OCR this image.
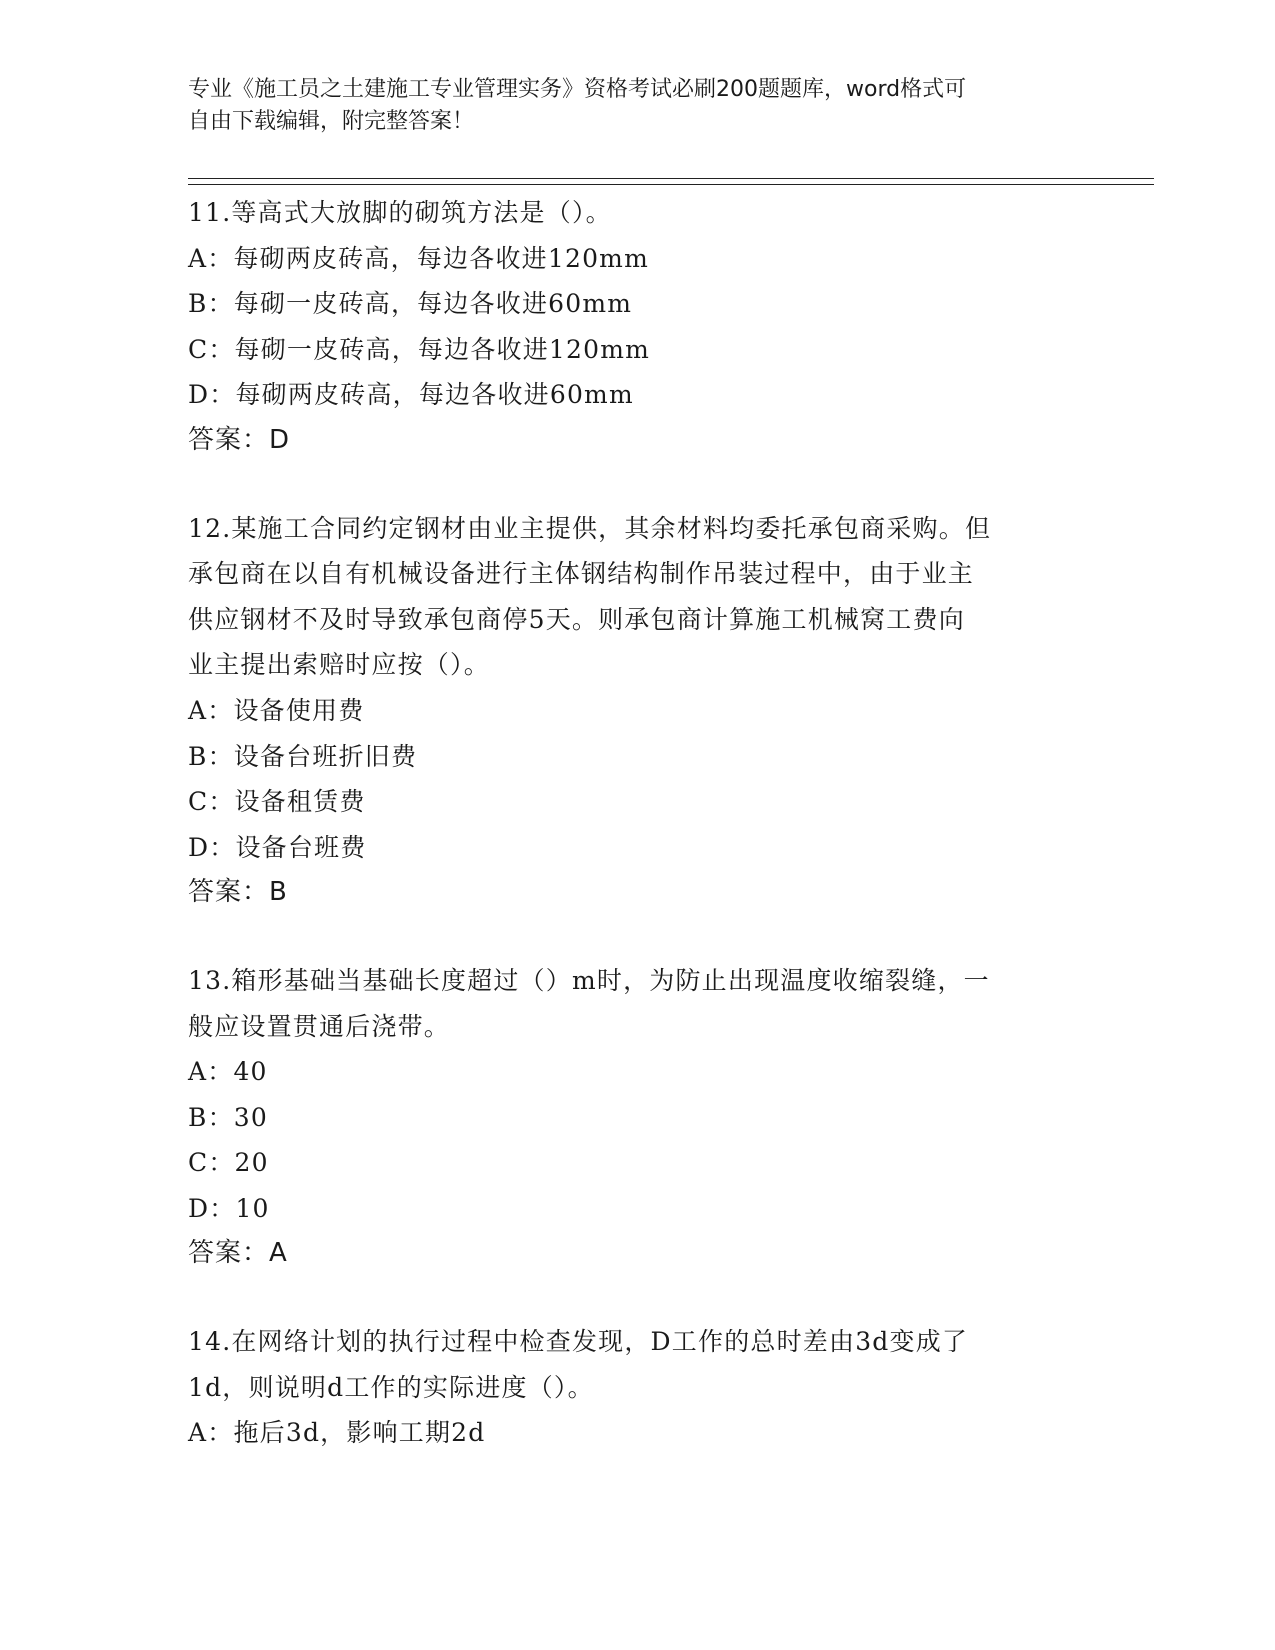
专业《施工员之土建施工专业管理实务》资格考试必刷200题题库，word格式可
自由下载编辑，附完整答案！
11.等高式大放脚的砌筑方法是（）。
A：每砌两皮砖高，每边各收进120mm
B：每砌一皮砖高，每边各收进60mm
C：每砌一皮砖高，每边各收进120mm
D：每砌两皮砖高，每边各收进60mm
答案：D
12.某施工合同约定钢材由业主提供，其余材料均委托承包商采购。但
承包商在以自有机械设备进行主体钢结构制作吊装过程中，由于业主
供应钢材不及时导致承包商停5天。则承包商计算施工机械窝工费向
业主提出索赔时应按（）。
A：设备使用费
B：设备台班折旧费
C：设备租赁费
D：设备台班费
答案：B
13.箱形基础当基础长度超过（）m时，为防止出现温度收缩裂缝，一
般应设置贯通后浇带。
A：40
B：30
C：20
D：10
答案：A
14.在网络计划的执行过程中检查发现，D工作的总时差由3d变成了
1d，则说明d工作的实际进度（）。
A：拖后3d，影响工期2d
